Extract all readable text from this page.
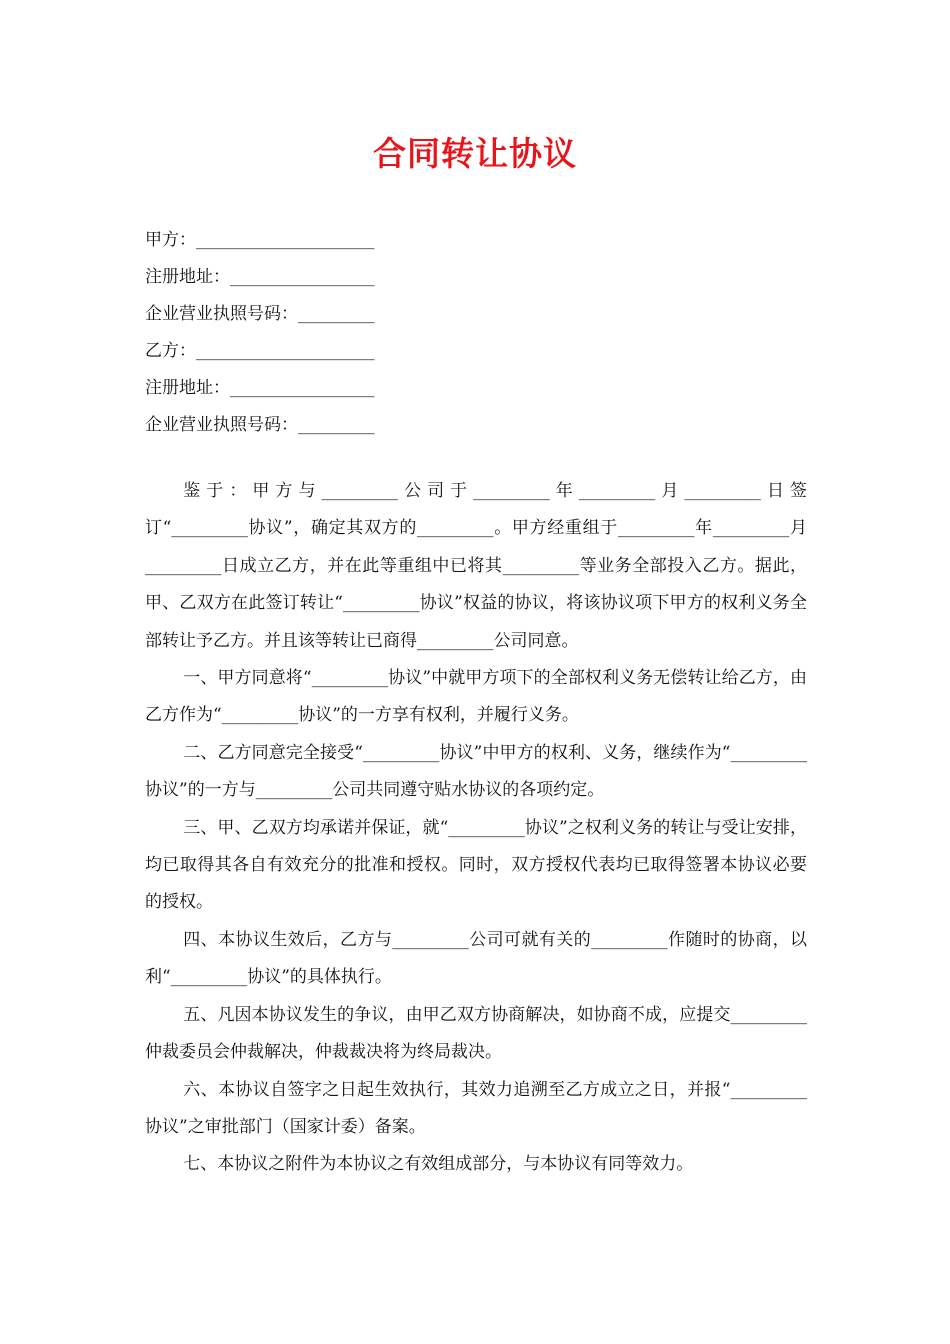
合同转让协议
甲方：_____________________
注册地址：_________________
企业营业执照号码：_________
乙方：_____________________
注册地址：_________________
企业营业执照号码：_________

鉴于：甲方与_________公司于_________年_________月_________日签订“_________协议”，确定其双方的_________。甲方经重组于_________年_________月_________日成立乙方，并在此等重组中已将其_________等业务全部投入乙方。据此，甲、乙双方在此签订转让“_________协议”权益的协议，将该协议项下甲方的权利义务全部转让予乙方。并且该等转让已商得_________公司同意。

一、甲方同意将“_________协议”中就甲方项下的全部权利义务无偿转让给乙方，由乙方作为“_________协议”的一方享有权利，并履行义务。

二、乙方同意完全接受“_________协议”中甲方的权利、义务，继续作为“_________协议”的一方与_________公司共同遵守贴水协议的各项约定。

三、甲、乙双方均承诺并保证，就“_________协议”之权利义务的转让与受让安排，均已取得其各自有效充分的批准和授权。同时，双方授权代表均已取得签署本协议必要的授权。

四、本协议生效后，乙方与_________公司可就有关的_________作随时的协商，以利“_________协议”的具体执行。

五、凡因本协议发生的争议，由甲乙双方协商解决，如协商不成，应提交_________仲裁委员会仲裁解决，仲裁裁决将为终局裁决。

六、本协议自签字之日起生效执行，其效力追溯至乙方成立之日，并报“_________协议”之审批部门（国家计委）备案。

七、本协议之附件为本协议之有效组成部分，与本协议有同等效力。
